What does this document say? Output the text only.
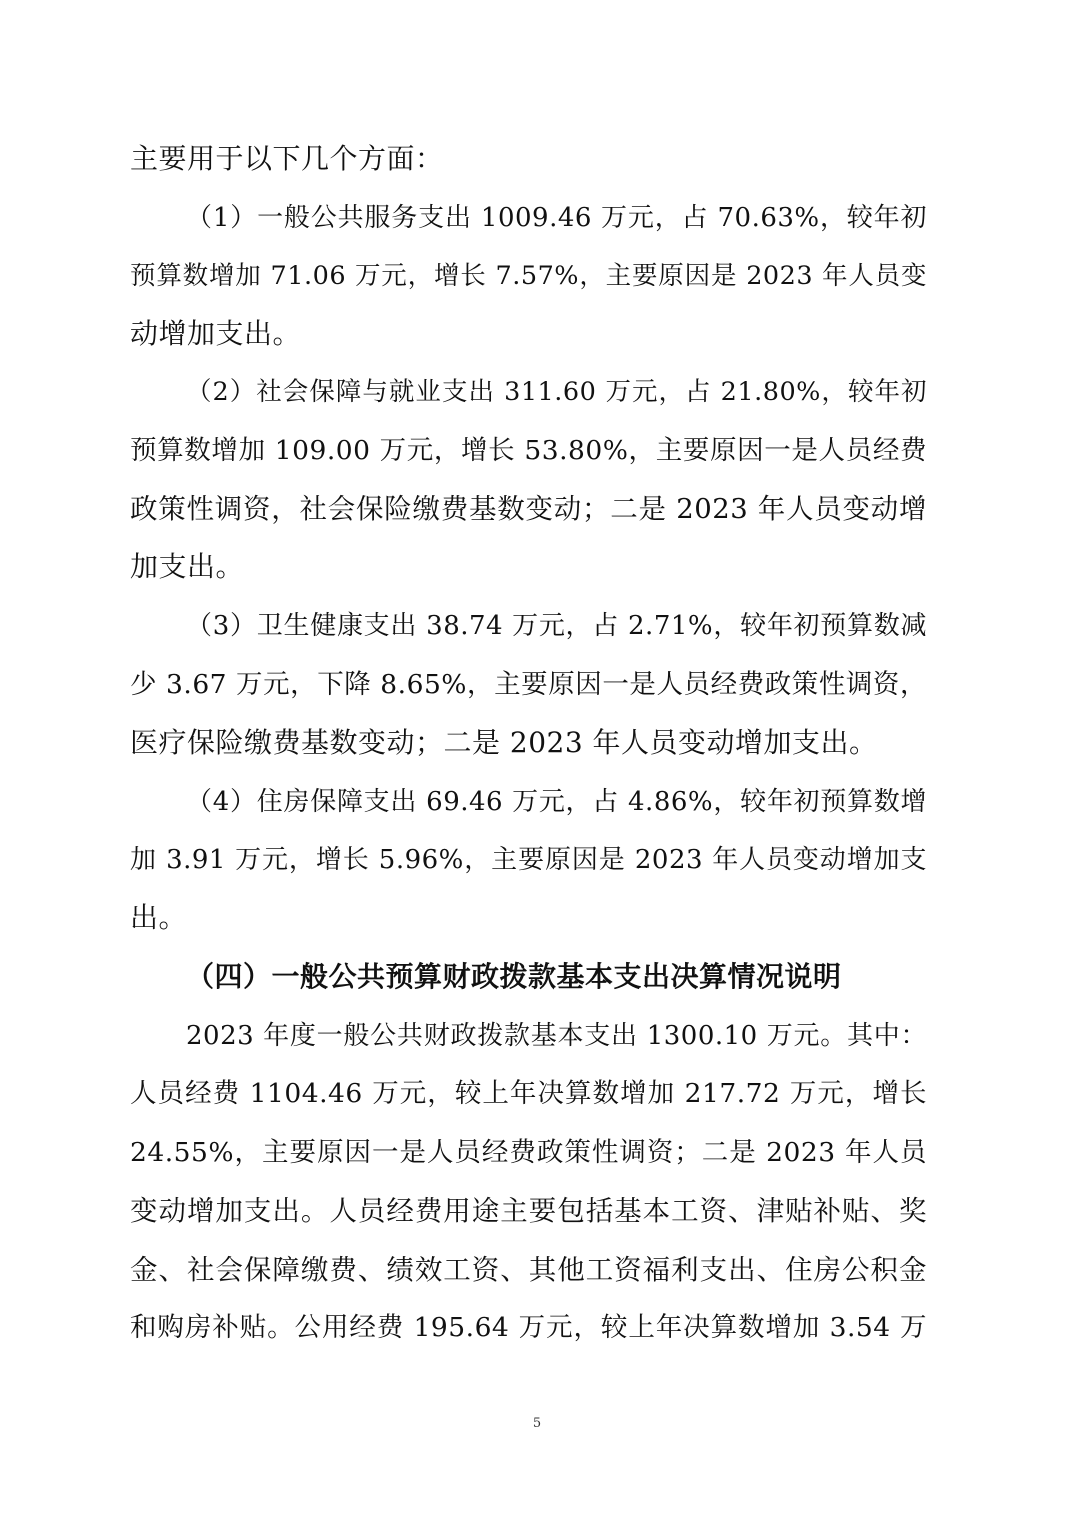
主要用于以下几个方面：
（1）一般公共服务支出 1009.46 万元，占 70.63%，较年初
预算数增加 71.06 万元，增长 7.57%，主要原因是 2023 年人员变
动增加支出。
（2）社会保障与就业支出 311.60 万元，占 21.80%，较年初
预算数增加 109.00 万元，增长 53.80%，主要原因一是人员经费
政策性调资，社会保险缴费基数变动；二是 2023 年人员变动增
加支出。
（3）卫生健康支出 38.74 万元，占 2.71%，较年初预算数减
少 3.67 万元，下降 8.65%，主要原因一是人员经费政策性调资，
医疗保险缴费基数变动；二是 2023 年人员变动增加支出。
（4）住房保障支出 69.46 万元，占 4.86%，较年初预算数增
加 3.91 万元，增长 5.96%，主要原因是 2023 年人员变动增加支
出。
（四）一般公共预算财政拨款基本支出决算情况说明
2023 年度一般公共财政拨款基本支出 1300.10 万元。其中：
人员经费 1104.46 万元，较上年决算数增加 217.72 万元，增长
24.55%，主要原因一是人员经费政策性调资；二是 2023 年人员
变动增加支出。人员经费用途主要包括基本工资、津贴补贴、奖
金、社会保障缴费、绩效工资、其他工资福利支出、住房公积金
和购房补贴。公用经费 195.64 万元，较上年决算数增加 3.54 万
5
